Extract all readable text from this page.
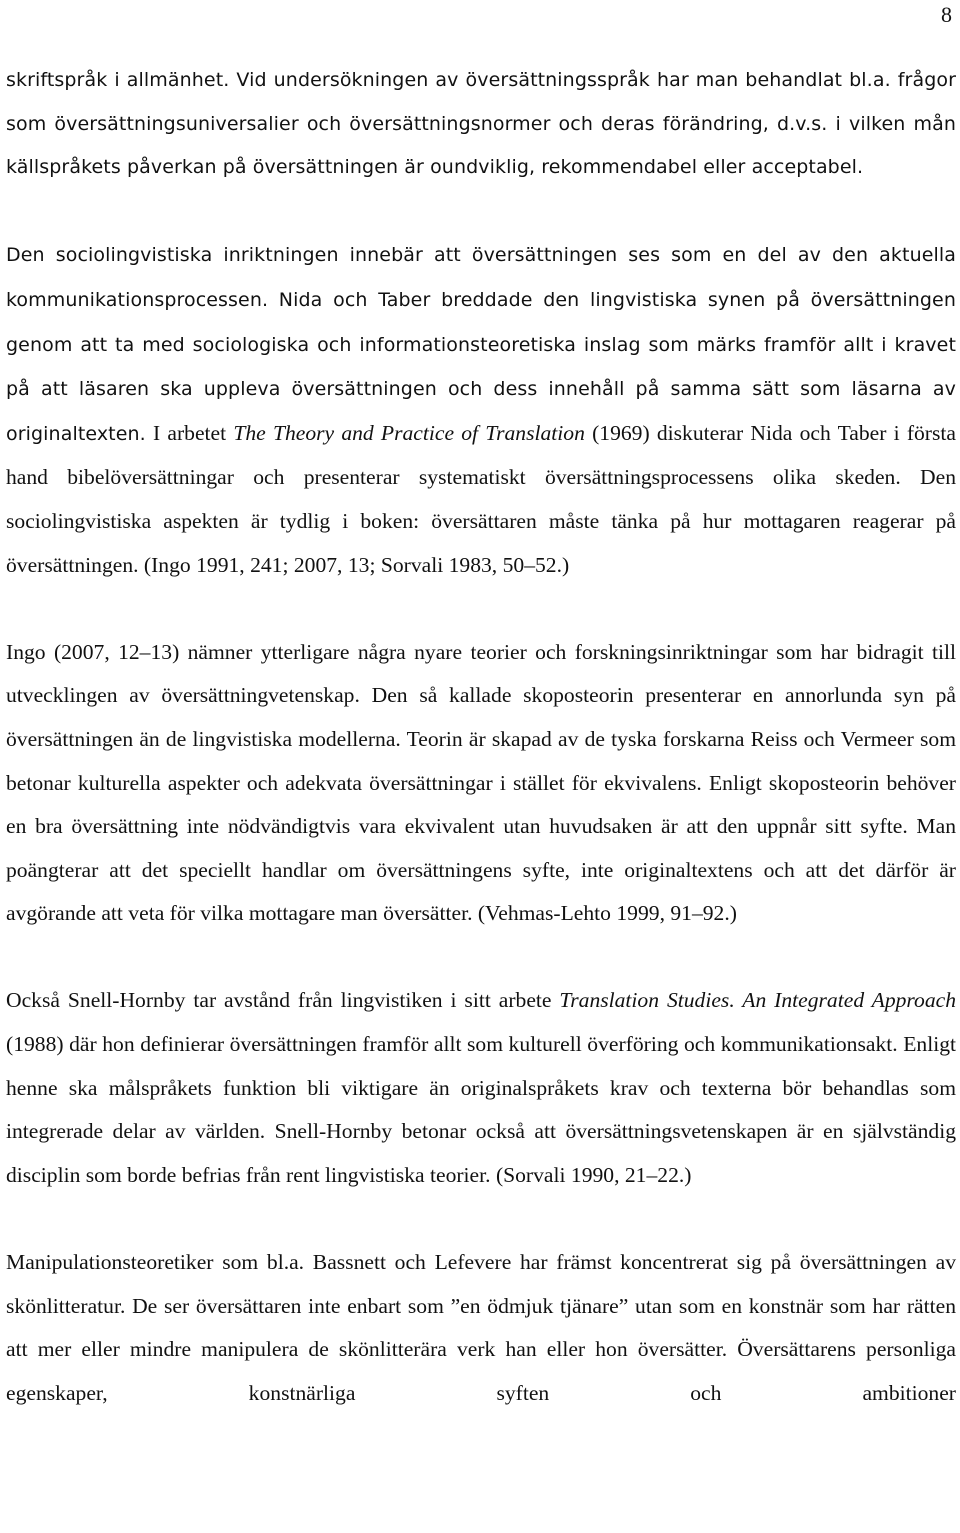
8

skriftspråk i allmänhet. Vid undersökningen av översättningsspråk har man behandlat bl.a. frågor som översättningsuniversalier och översättningsnormer och deras förändring, d.v.s. i vilken mån källspråkets påverkan på översättningen är oundviklig, rekommendabel eller acceptabel.

Den sociolingvistiska inriktningen innebär att översättningen ses som en del av den aktuella kommunikationsprocessen. Nida och Taber breddade den lingvistiska synen på översättningen genom att ta med sociologiska och informationsteoretiska inslag som märks framför allt i kravet på att läsaren ska uppleva översättningen och dess innehåll på samma sätt som läsarna av originaltexten. I arbetet The Theory and Practice of Translation (1969) diskuterar Nida och Taber i första hand bibelöversättningar och presenterar systematiskt översättningsprocessens olika skeden. Den sociolingvistiska aspekten är tydlig i boken: översättaren måste tänka på hur mottagaren reagerar på översättningen. (Ingo 1991, 241; 2007, 13; Sorvali 1983, 50–52.)

Ingo (2007, 12–13) nämner ytterligare några nyare teorier och forskningsinriktningar som har bidragit till utvecklingen av översättningvetenskap. Den så kallade skoposteorin presenterar en annorlunda syn på översättningen än de lingvistiska modellerna. Teorin är skapad av de tyska forskarna Reiss och Vermeer som betonar kulturella aspekter och adekvata översättningar i stället för ekvivalens. Enligt skoposteorin behöver en bra översättning inte nödvändigtvis vara ekvivalent utan huvudsaken är att den uppnår sitt syfte. Man poängterar att det speciellt handlar om översättningens syfte, inte originaltextens och att det därför är avgörande att veta för vilka mottagare man översätter. (Vehmas-Lehto 1999, 91–92.)

Också Snell-Hornby tar avstånd från lingvistiken i sitt arbete Translation Studies. An Integrated Approach (1988) där hon definierar översättningen framför allt som kulturell överföring och kommunikationsakt. Enligt henne ska målspråkets funktion bli viktigare än originalspråkets krav och texterna bör behandlas som integrerade delar av världen. Snell-Hornby betonar också att översättningsvetenskapen är en självständig disciplin som borde befrias från rent lingvistiska teorier. (Sorvali 1990, 21–22.)

Manipulationsteoretiker som bl.a. Bassnett och Lefevere har främst koncentrerat sig på översättningen av skönlitteratur. De ser översättaren inte enbart som ”en ödmjuk tjänare” utan som en konstnär som har rätten att mer eller mindre manipulera de skönlitterära verk han eller hon översätter. Översättarens personliga egenskaper, konstnärliga syften och ambitioner
